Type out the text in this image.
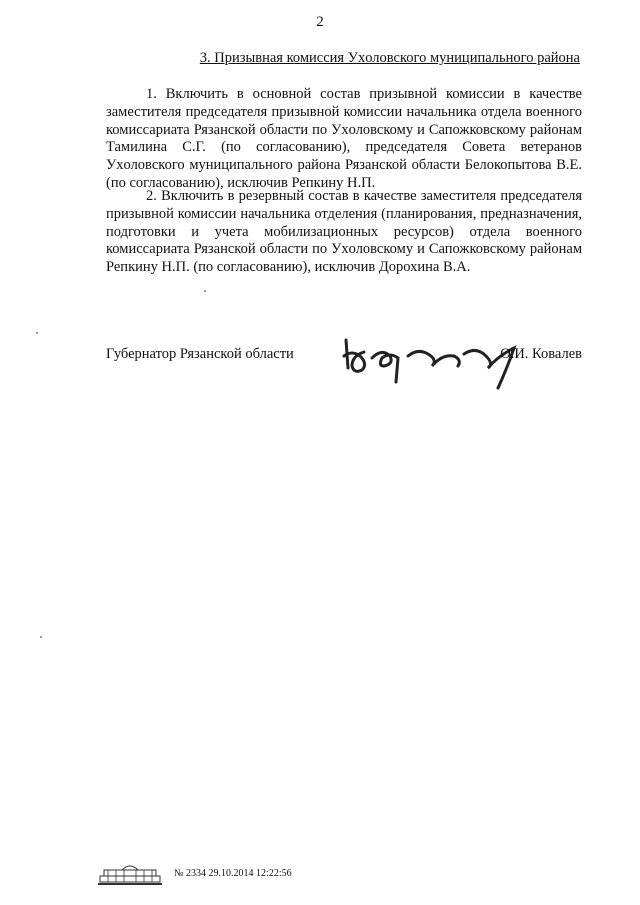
2
3. Призывная комиссия Уxоловского муниципального района

1. Включить в основной состав призывной комиссии в качестве заместителя председателя призывной комиссии начальника отдела военного комиссариата Рязанской области по Уxоловскому и Сапожковскому районам Тамилина С.Г. (по согласованию), председателя Совета ветеранов Уxоловского муниципального района Рязанской области Белокопытова В.Е. (по согласованию), исключив Репкину Н.П.

2. Включить в резервный состав в качестве заместителя председателя призывной комиссии начальника отделения (планирования, предназначения, подготовки и учета мобилизационных ресурсов) отдела военного комиссариата Рязанской области по Уxоловскому и Сапожковскому районам Репкину Н.П. (по согласованию), исключив Дорохина В.А.

Губернатор Рязанской области	О.И. Ковалев
№ 2334 29.10.2014 12:22:56
